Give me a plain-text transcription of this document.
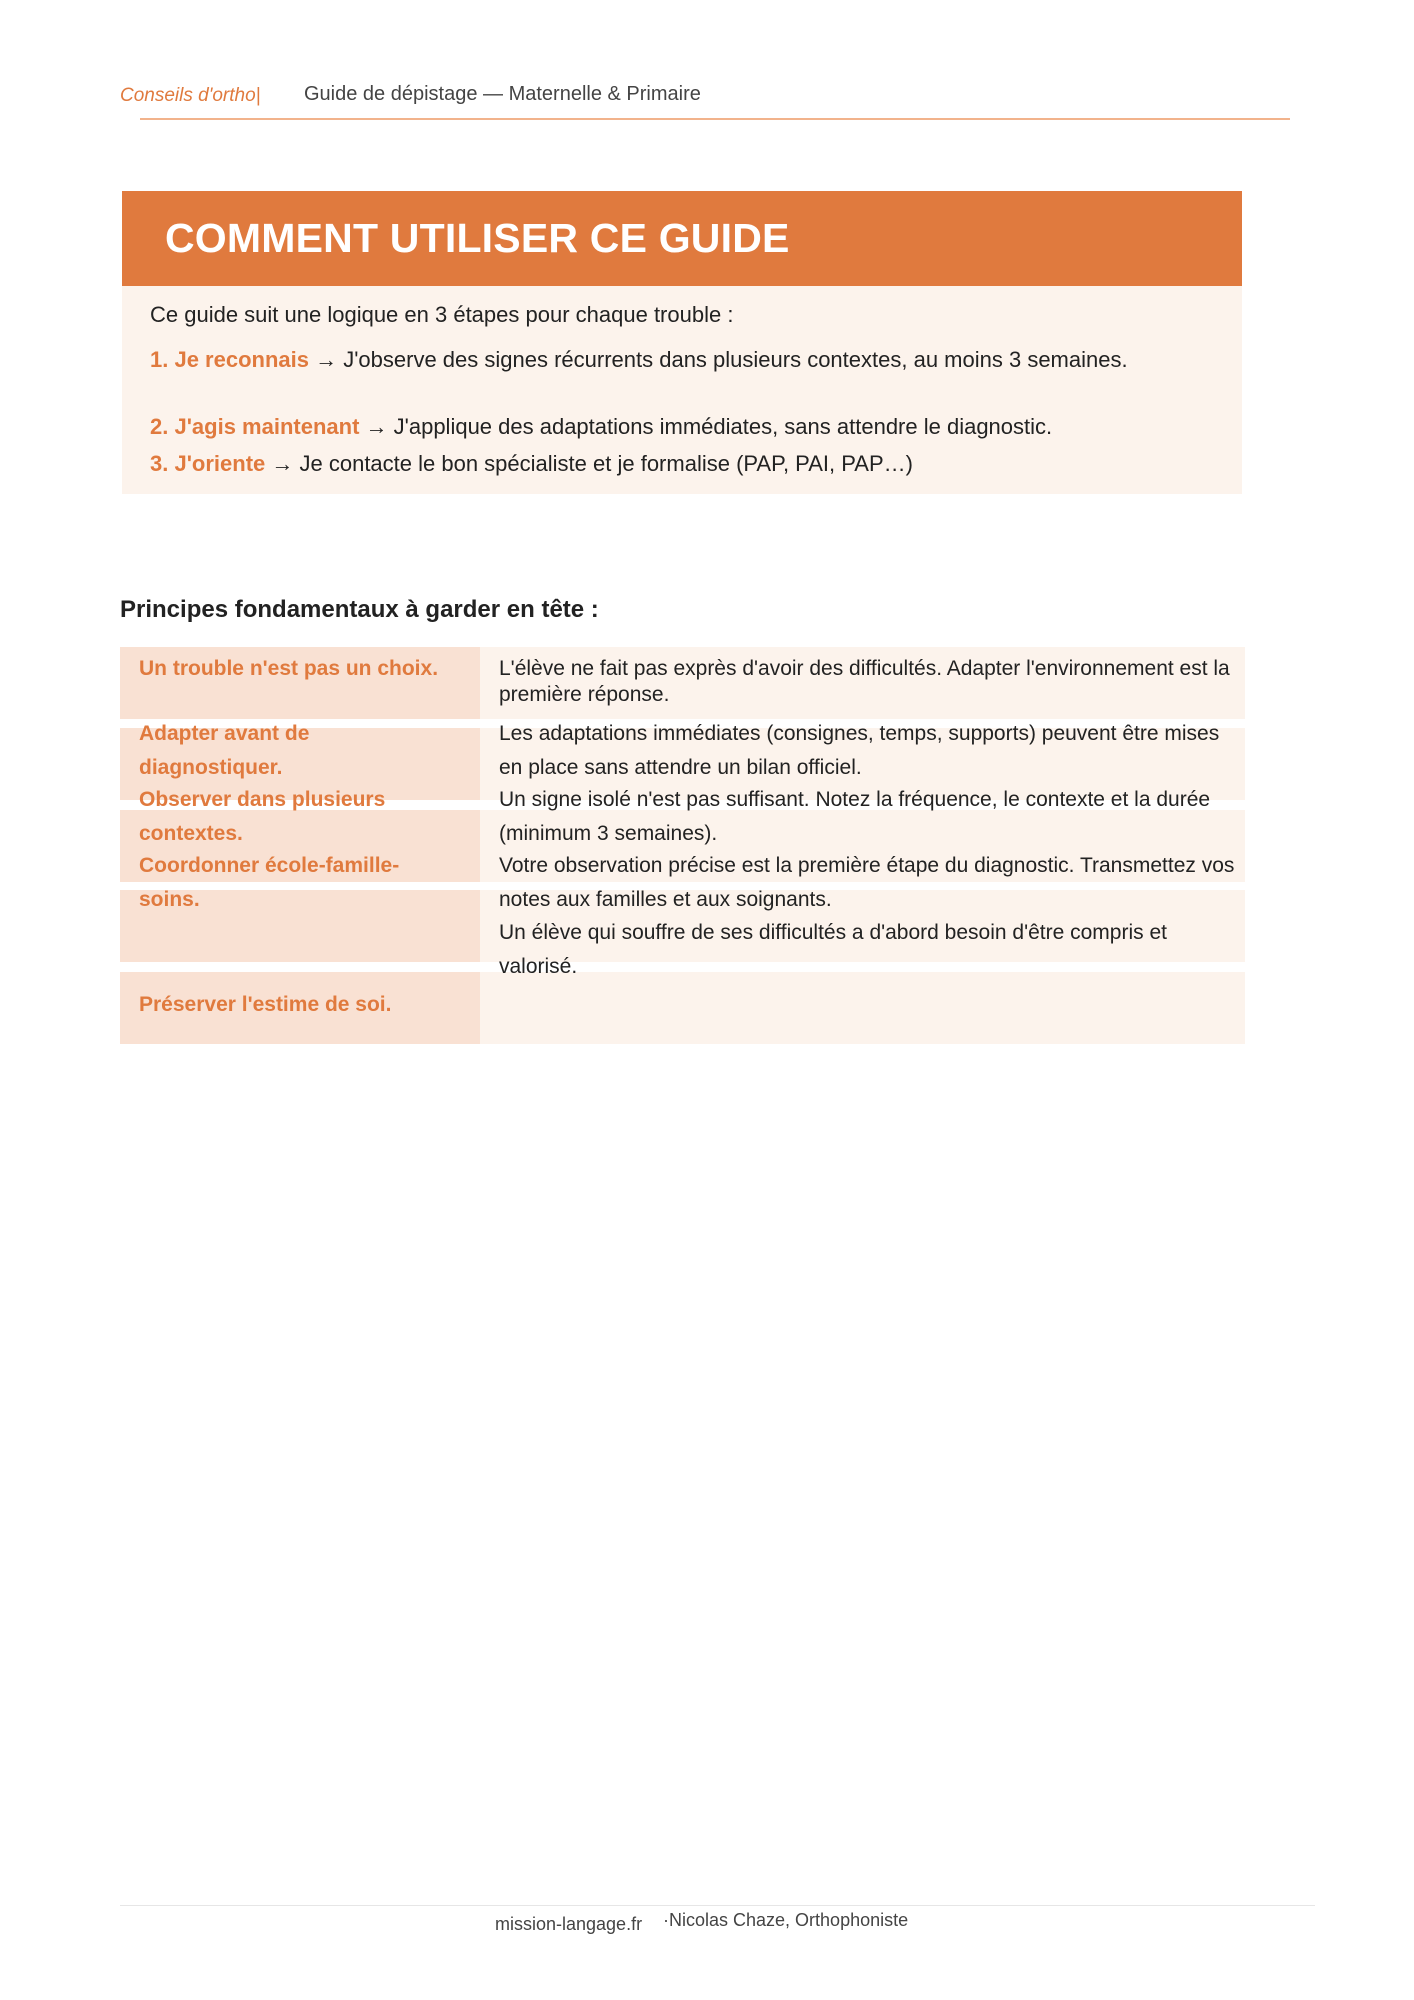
Conseils d'ortho| Guide de dépistage — Maternelle & Primaire
COMMENT UTILISER CE GUIDE
Ce guide suit une logique en 3 étapes pour chaque trouble :
1. Je reconnais → J'observe des signes récurrents dans plusieurs contextes, au moins 3 semaines.
2. J'agis maintenant → J'applique des adaptations immédiates, sans attendre le diagnostic.
3. J'oriente → Je contacte le bon spécialiste et je formalise (PAP, PAI, PAP…)
Principes fondamentaux à garder en tête :
Un trouble n'est pas un choix.	L'élève ne fait pas exprès d'avoir des difficultés. Adapter l'environnement est la première réponse.
Adapter avant de diagnostiquer.
Les adaptations immédiates (consignes, temps, supports) peuvent être mises en place sans attendre un bilan officiel.
Observer dans plusieurs contextes.
Un signe isolé n'est pas suffisant. Notez la fréquence, le contexte et la durée (minimum 3 semaines).
Coordonner école-famille-soins.
Votre observation précise est la première étape du diagnostic. Transmettez vos notes aux familles et aux soignants.
Préserver l'estime de soi.
Un élève qui souffre de ses difficultés a d'abord besoin d'être compris et valorisé.
mission-langage.fr ·Nicolas Chaze, Orthophoniste
